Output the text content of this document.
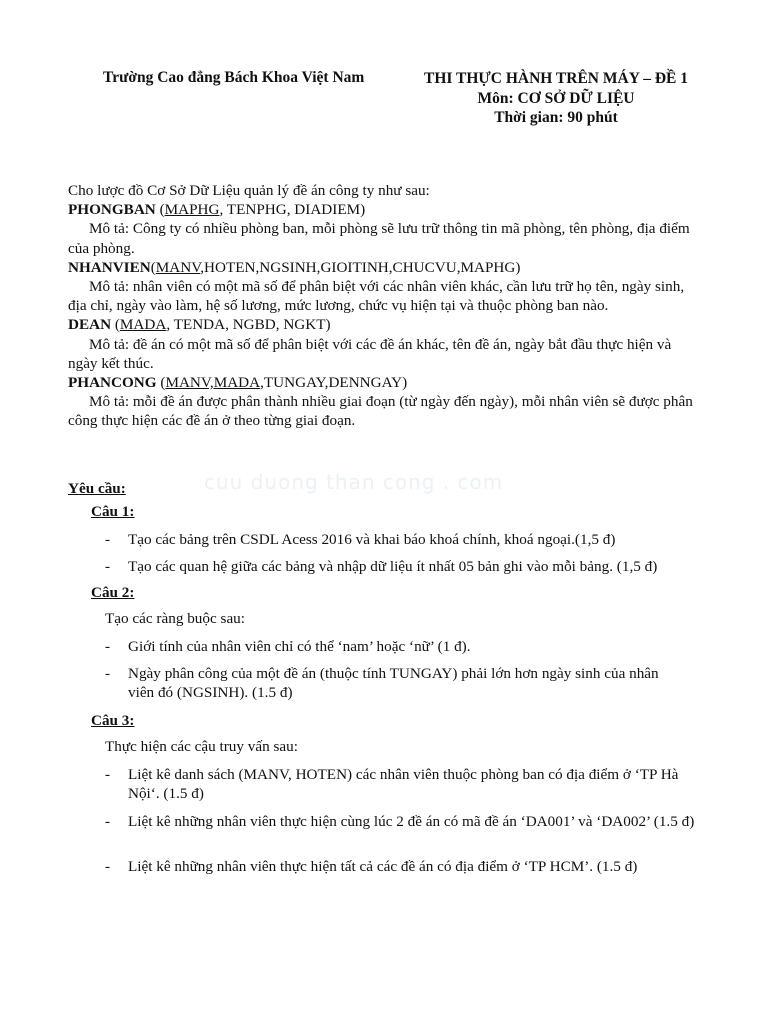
Trường Cao đẳng Bách Khoa Việt Nam	THI THỰC HÀNH TRÊN MÁY – ĐỀ 1
Môn: CƠ SỞ DỮ LIỆU
Thời gian: 90 phút

Cho lược đồ Cơ Sở Dữ Liệu quản lý đề án công ty như sau:

PHONGBAN (MAPHG, TENPHG, DIADIEM)

Mô tả: Công ty có nhiều phòng ban, mỗi phòng sẽ lưu trữ thông tin mã phòng, tên phòng, địa điểm của phòng.

NHANVIEN(MANV,HOTEN,NGSINH,GIOITINH,CHUCVU,MAPHG)

Mô tả: nhân viên có một mã số để phân biệt với các nhân viên khác, cần lưu trữ họ tên, ngày sinh, địa chỉ, ngày vào làm, hệ số lương, mức lương, chức vụ hiện tại và thuộc phòng ban nào.

DEAN (MADA, TENDA, NGBD, NGKT)

Mô tả: đề án có một mã số để phân biệt với các đề án khác, tên đề án, ngày bắt đầu thực hiện và ngày kết thúc.

PHANCONG (MANV,MADA,TUNGAY,DENNGAY)

Mô tả: mỗi đề án được phân thành nhiều giai đoạn (từ ngày đến ngày), mỗi nhân viên sẽ được phân công thực hiện các đề án ở theo từng giai đoạn.

cuu duong than cong . com
Yêu cầu:
Câu 1:
- Tạo các bảng trên CSDL Acess 2016 và khai báo khoá chính, khoá ngoại.(1,5 đ)
- Tạo các quan hệ giữa các bảng và nhập dữ liệu ít nhất 05 bản ghi vào mỗi bảng. (1,5 đ)
Câu 2:
Tạo các ràng buộc sau:
- Giới tính của nhân viên chỉ có thể ‘nam’ hoặc ‘nữ’ (1 đ).
- Ngày phân công của một đề án (thuộc tính TUNGAY) phải lớn hơn ngày sinh của nhân viên đó (NGSINH). (1.5 đ)
Câu 3:
Thực hiện các cậu truy vấn sau:
- Liệt kê danh sách (MANV, HOTEN) các nhân viên thuộc phòng ban có địa điểm ở ‘TP Hà Nội‘. (1.5 đ)
- Liệt kê những nhân viên thực hiện cùng lúc 2 đề án có mã đề án ‘DA001’ và ‘DA002’ (1.5 đ)
- Liệt kê những nhân viên thực hiện tất cả các đề án có địa điểm ở ‘TP HCM’. (1.5 đ)
